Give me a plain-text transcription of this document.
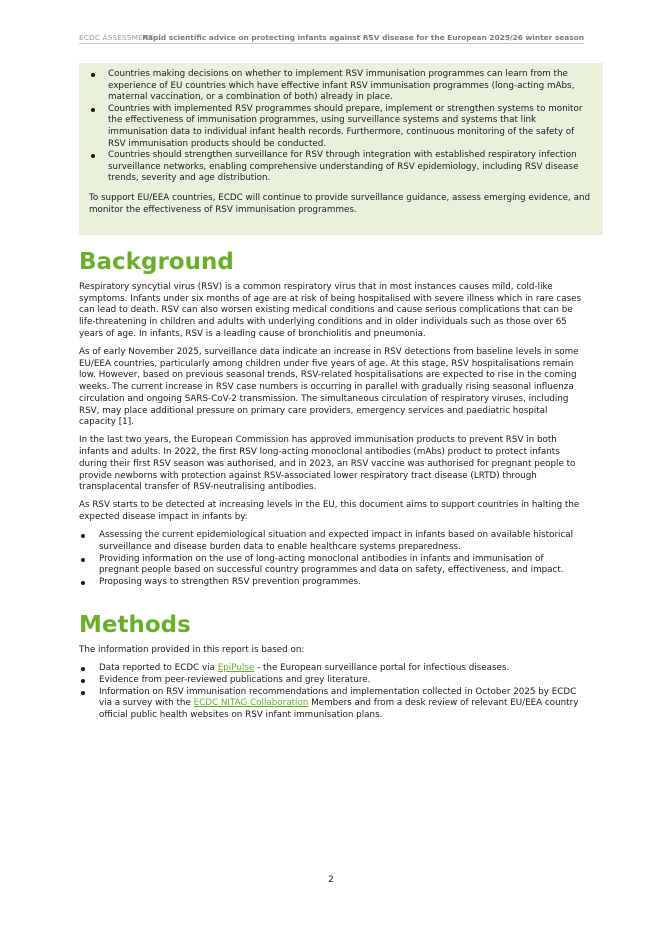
ECDC ASSESSMENT
Rapid scientific advice on protecting infants against RSV disease for the European 2025/26 winter season
Countries making decisions on whether to implement RSV immunisation programmes can learn from the experience of EU countries which have effective infant RSV immunisation programmes (long-acting mAbs, maternal vaccination, or a combination of both) already in place.
Countries with implemented RSV programmes should prepare, implement or strengthen systems to monitor the effectiveness of immunisation programmes, using surveillance systems and systems that link immunisation data to individual infant health records. Furthermore, continuous monitoring of the safety of RSV immunisation products should be conducted.
Countries should strengthen surveillance for RSV through integration with established respiratory infection surveillance networks, enabling comprehensive understanding of RSV epidemiology, including RSV disease trends, severity and age distribution.

To support EU/EEA countries, ECDC will continue to provide surveillance guidance, assess emerging evidence, and monitor the effectiveness of RSV immunisation programmes.

Background

Respiratory syncytial virus (RSV) is a common respiratory virus that in most instances causes mild, cold-like symptoms. Infants under six months of age are at risk of being hospitalised with severe illness which in rare cases can lead to death. RSV can also worsen existing medical conditions and cause serious complications that can be life-threatening in children and adults with underlying conditions and in older individuals such as those over 65 years of age. In infants, RSV is a leading cause of bronchiolitis and pneumonia.

As of early November 2025, surveillance data indicate an increase in RSV detections from baseline levels in some EU/EEA countries, particularly among children under five years of age. At this stage, RSV hospitalisations remain low. However, based on previous seasonal trends, RSV-related hospitalisations are expected to rise in the coming weeks. The current increase in RSV case numbers is occurring in parallel with gradually rising seasonal influenza circulation and ongoing SARS-CoV-2 transmission. The simultaneous circulation of respiratory viruses, including RSV, may place additional pressure on primary care providers, emergency services and paediatric hospital capacity [1].

In the last two years, the European Commission has approved immunisation products to prevent RSV in both infants and adults. In 2022, the first RSV long-acting monoclonal antibodies (mAbs) product to protect infants during their first RSV season was authorised, and in 2023, an RSV vaccine was authorised for pregnant people to provide newborns with protection against RSV-associated lower respiratory tract disease (LRTD) through transplacental transfer of RSV-neutralising antibodies.

As RSV starts to be detected at increasing levels in the EU, this document aims to support countries in halting the expected disease impact in infants by:

Assessing the current epidemiological situation and expected impact in infants based on available historical surveillance and disease burden data to enable healthcare systems preparedness.
Providing information on the use of long-acting monoclonal antibodies in infants and immunisation of pregnant people based on successful country programmes and data on safety, effectiveness, and impact.
Proposing ways to strengthen RSV prevention programmes.
Methods

The information provided in this report is based on:

Data reported to ECDC via EpiPulse - the European surveillance portal for infectious diseases.
Evidence from peer-reviewed publications and grey literature.
Information on RSV immunisation recommendations and implementation collected in October 2025 by ECDC via a survey with the ECDC NITAG Collaboration Members and from a desk review of relevant EU/EEA country official public health websites on RSV infant immunisation plans.
2
